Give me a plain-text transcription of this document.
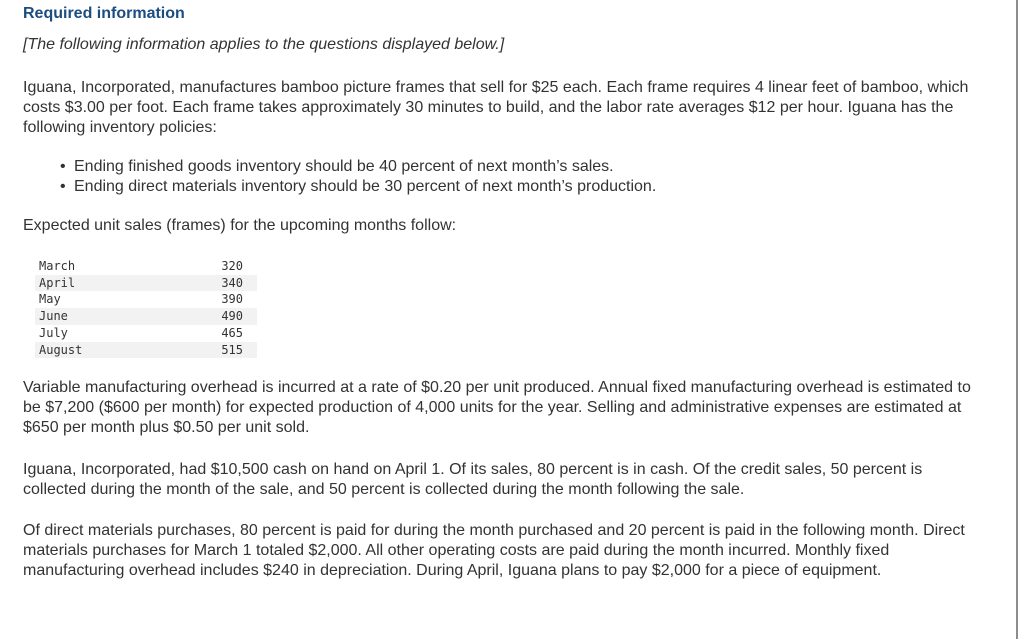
Required information

[The following information applies to the questions displayed below.]

Iguana, Incorporated, manufactures bamboo picture frames that sell for $25 each. Each frame requires 4 linear feet of bamboo, which costs $3.00 per foot. Each frame takes approximately 30 minutes to build, and the labor rate averages $12 per hour. Iguana has the following inventory policies:

• Ending finished goods inventory should be 40 percent of next month’s sales.
• Ending direct materials inventory should be 30 percent of next month’s production.

Expected unit sales (frames) for the upcoming months follow:

March	320
April	340
May	390
June	490
July	465
August	515

Variable manufacturing overhead is incurred at a rate of $0.20 per unit produced. Annual fixed manufacturing overhead is estimated to be $7,200 ($600 per month) for expected production of 4,000 units for the year. Selling and administrative expenses are estimated at $650 per month plus $0.50 per unit sold.

Iguana, Incorporated, had $10,500 cash on hand on April 1. Of its sales, 80 percent is in cash. Of the credit sales, 50 percent is collected during the month of the sale, and 50 percent is collected during the month following the sale.

Of direct materials purchases, 80 percent is paid for during the month purchased and 20 percent is paid in the following month. Direct materials purchases for March 1 totaled $2,000. All other operating costs are paid during the month incurred. Monthly fixed manufacturing overhead includes $240 in depreciation. During April, Iguana plans to pay $2,000 for a piece of equipment.
